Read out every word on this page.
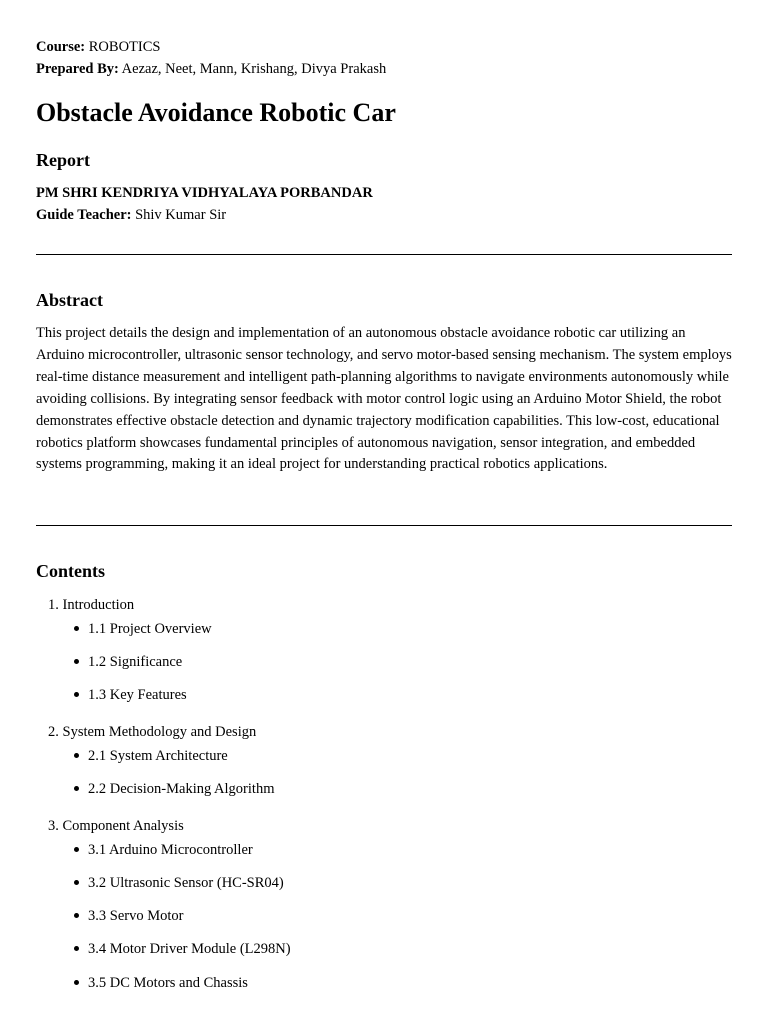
Course: ROBOTICS
Prepared By: Aezaz, Neet, Mann, Krishang, Divya Prakash
Obstacle Avoidance Robotic Car
Report
PM SHRI KENDRIYA VIDHYALAYA PORBANDAR
Guide Teacher: Shiv Kumar Sir
Abstract

This project details the design and implementation of an autonomous obstacle avoidance robotic car utilizing an Arduino microcontroller, ultrasonic sensor technology, and servo motor-based sensing mechanism. The system employs real-time distance measurement and intelligent path-planning algorithms to navigate environments autonomously while avoiding collisions. By integrating sensor feedback with motor control logic using an Arduino Motor Shield, the robot demonstrates effective obstacle detection and dynamic trajectory modification capabilities. This low-cost, educational robotics platform showcases fundamental principles of autonomous navigation, sensor integration, and embedded systems programming, making it an ideal project for understanding practical robotics applications.

Contents
1. Introduction
1.1 Project Overview
1.2 Significance
1.3 Key Features
2. System Methodology and Design
2.1 System Architecture
2.2 Decision-Making Algorithm
3. Component Analysis
3.1 Arduino Microcontroller
3.2 Ultrasonic Sensor (HC-SR04)
3.3 Servo Motor
3.4 Motor Driver Module (L298N)
3.5 DC Motors and Chassis
